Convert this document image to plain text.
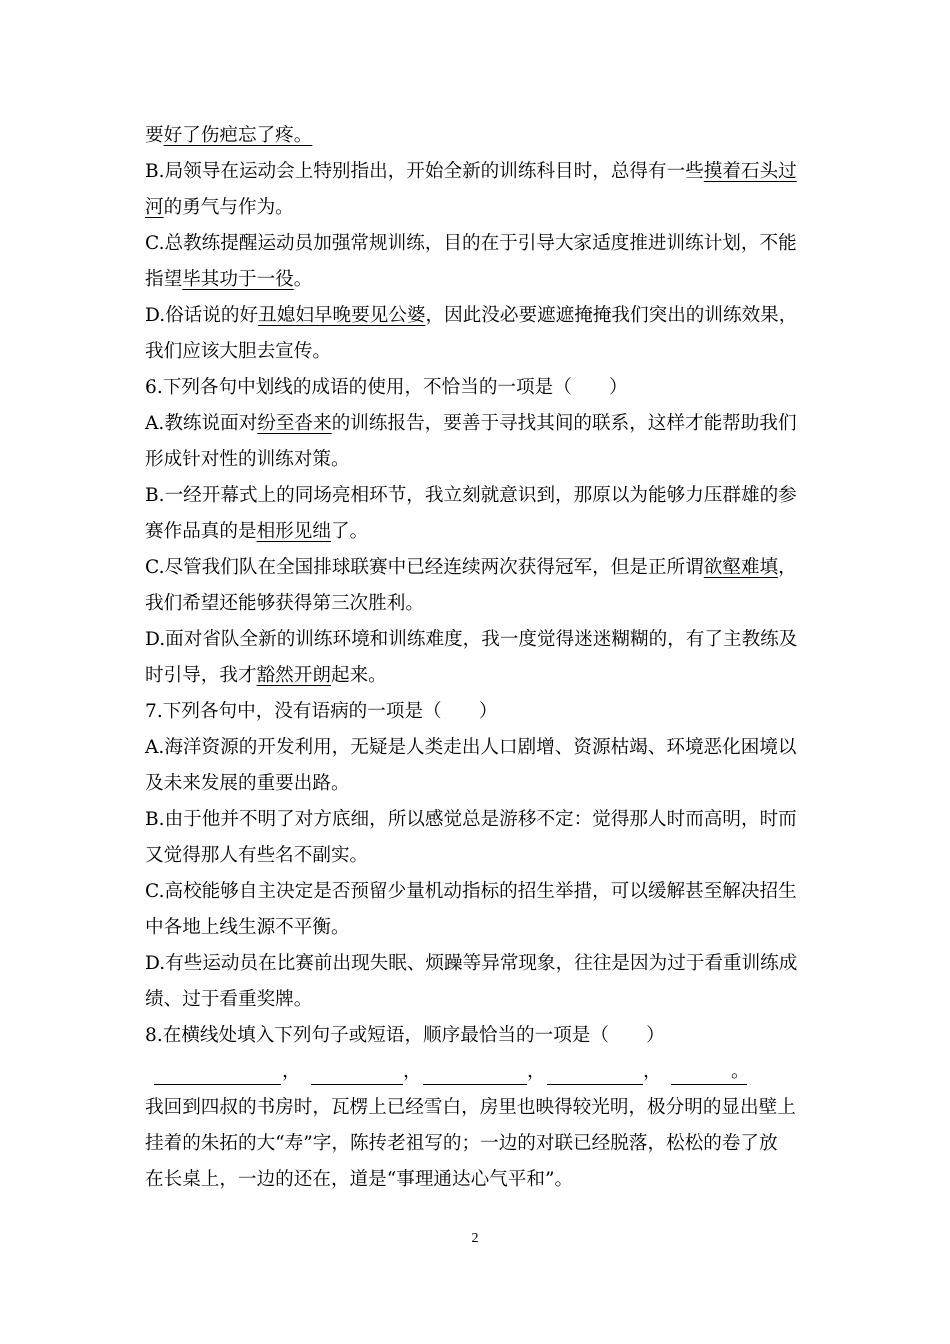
要好了伤疤忘了疼。
B.局领导在运动会上特别指出，开始全新的训练科目时，总得有一些摸着石头过
河的勇气与作为。
C.总教练提醒运动员加强常规训练，目的在于引导大家适度推进训练计划，不能
指望毕其功于一役。
D.俗话说的好丑媳妇早晚要见公婆，因此没必要遮遮掩掩我们突出的训练效果，
我们应该大胆去宣传。
6.下列各句中划线的成语的使用，不恰当的一项是（　　）
A.教练说面对纷至沓来的训练报告，要善于寻找其间的联系，这样才能帮助我们
形成针对性的训练对策。
B.一经开幕式上的同场亮相环节，我立刻就意识到，那原以为能够力压群雄的参
赛作品真的是相形见绌了。
C.尽管我们队在全国排球联赛中已经连续两次获得冠军，但是正所谓欲壑难填，
我们希望还能够获得第三次胜利。
D.面对省队全新的训练环境和训练难度，我一度觉得迷迷糊糊的，有了主教练及
时引导，我才豁然开朗起来。
7.下列各句中，没有语病的一项是（　　）
A.海洋资源的开发利用，无疑是人类走出人口剧增、资源枯竭、环境恶化困境以
及未来发展的重要出路。
B.由于他并不明了对方底细，所以感觉总是游移不定：觉得那人时而高明，时而
又觉得那人有些名不副实。
C.高校能够自主决定是否预留少量机动指标的招生举措，可以缓解甚至解决招生
中各地上线生源不平衡。
D.有些运动员在比赛前出现失眠、烦躁等异常现象，往往是因为过于看重训练成
绩、过于看重奖牌。
8.在横线处填入下列句子或短语，顺序最恰当的一项是（　　）
，	，	，	，	。
我回到四叔的书房时，瓦楞上已经雪白，房里也映得较光明，极分明的显出壁上
挂着的朱拓的大“寿”字，陈抟老祖写的；一边的对联已经脱落，松松的卷了放
在长桌上，一边的还在，道是“事理通达心气平和”。
2
